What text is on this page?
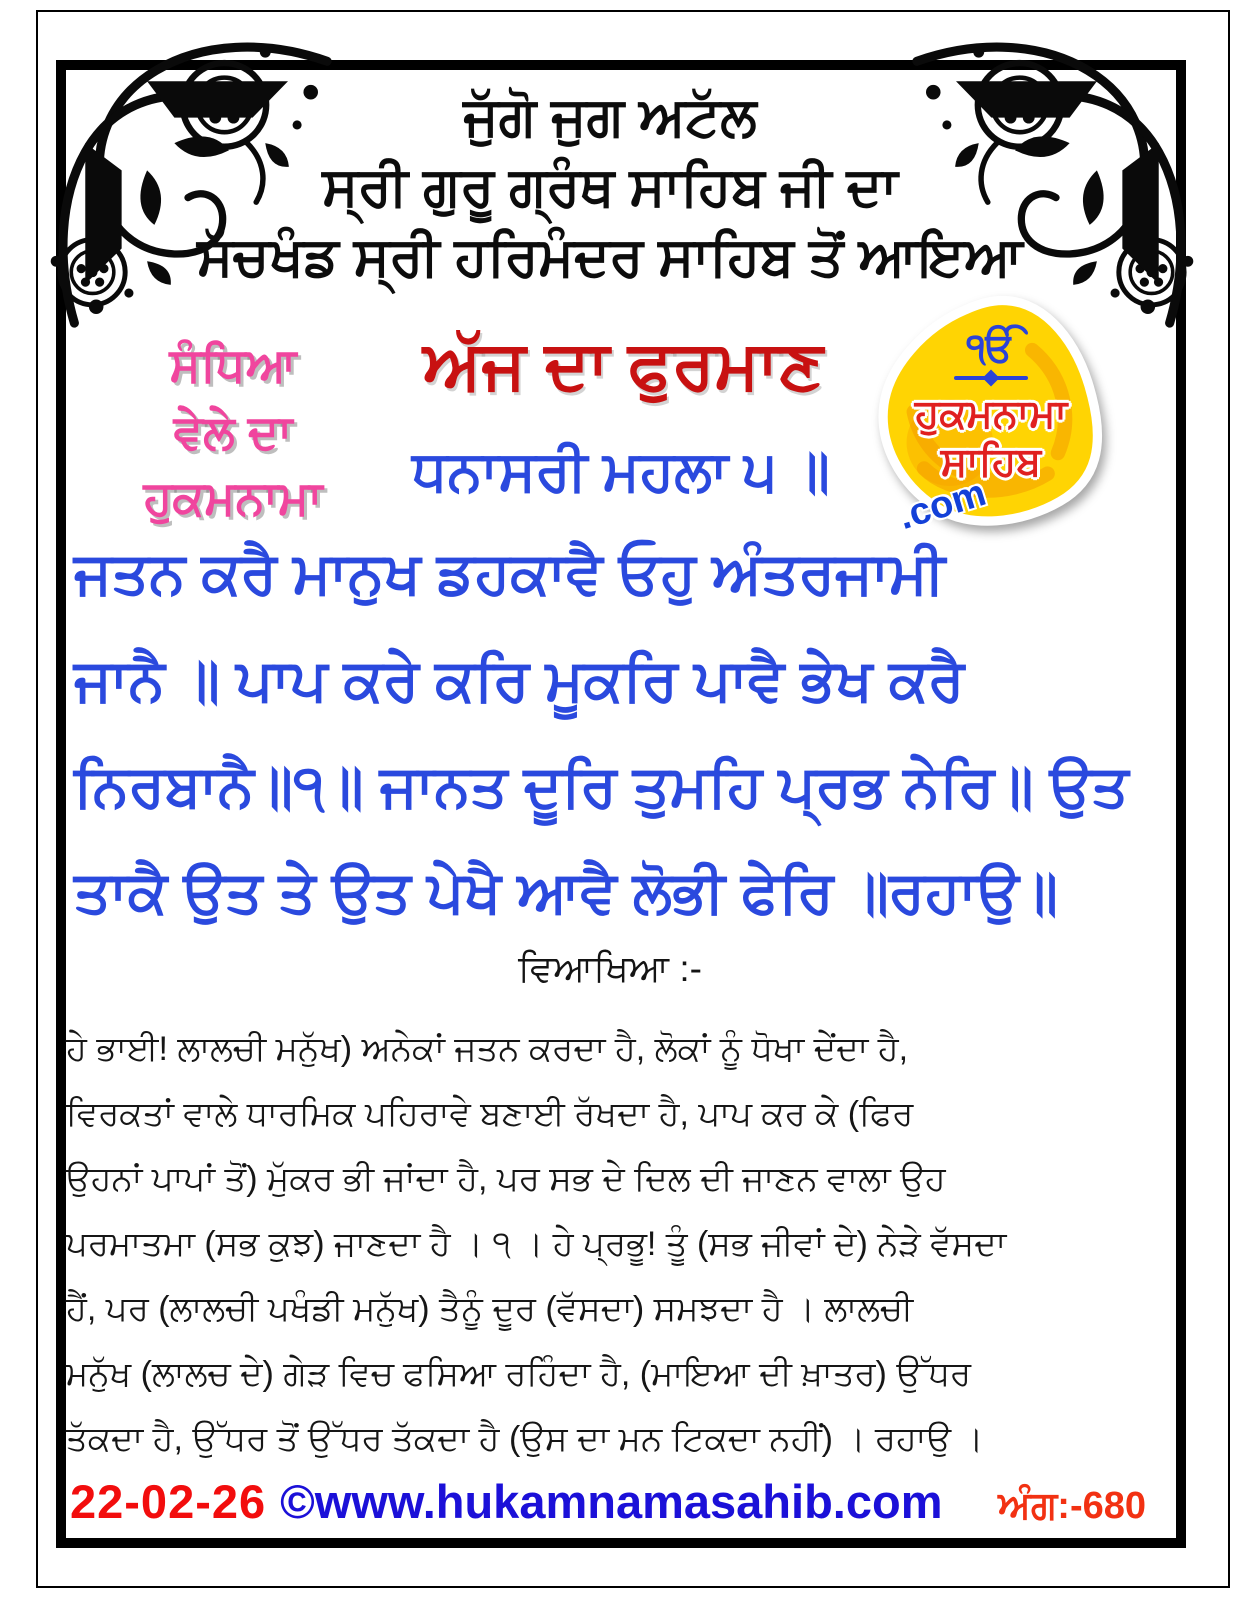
ਜੁੱਗੋ ਜੁਗ ਅਟੱਲ
ਸ੍ਰੀ ਗੁਰੂ ਗ੍ਰੰਥ ਸਾਹਿਬ ਜੀ ਦਾ
ਸੱਚਖੰਡ ਸ੍ਰੀ ਹਰਿਮੰਦਰ ਸਾਹਿਬ ਤੋਂ ਆਇਆ
ਸੰਧਿਆ
ਵੇਲੇ ਦਾ
ਹੁਕਮਨਾਮਾ
ਅੱਜ ਦਾ ਫੁਰਮਾਣ
ਧਨਾਸਰੀ ਮਹਲਾ ੫ ॥
ੴ
ਹੁਕਮਨਾਮਾ
ਸਾਹਿਬ
.com
ਜਤਨ ਕਰੈ ਮਾਨੁਖ ਡਹਕਾਵੈ ਓਹੁ ਅੰਤਰਜਾਮੀ
ਜਾਨੈ ॥ ਪਾਪ ਕਰੇ ਕਰਿ ਮੂਕਰਿ ਪਾਵੈ ਭੇਖ ਕਰੈ
ਨਿਰਬਾਨੈ॥੧॥ ਜਾਨਤ ਦੂਰਿ ਤੁਮਹਿ ਪ੍ਰਭ ਨੇਰਿ॥ ਉਤ
ਤਾਕੈ ਉਤ ਤੇ ਉਤ ਪੇਖੈ ਆਵੈ ਲੋਭੀ ਫੇਰਿ ॥ਰਹਾਉ॥
ਵਿਆਖਿਆ :-
ਹੇ ਭਾਈ! ਲਾਲਚੀ ਮਨੁੱਖ) ਅਨੇਕਾਂ ਜਤਨ ਕਰਦਾ ਹੈ, ਲੋਕਾਂ ਨੂੰ ਧੋਖਾ ਦੇਂਦਾ ਹੈ,
ਵਿਰਕਤਾਂ ਵਾਲੇ ਧਾਰਮਿਕ ਪਹਿਰਾਵੇ ਬਣਾਈ ਰੱਖਦਾ ਹੈ, ਪਾਪ ਕਰ ਕੇ (ਫਿਰ
ਉਹਨਾਂ ਪਾਪਾਂ ਤੋਂ) ਮੁੱਕਰ ਭੀ ਜਾਂਦਾ ਹੈ, ਪਰ ਸਭ ਦੇ ਦਿਲ ਦੀ ਜਾਣਨ ਵਾਲਾ ਉਹ
ਪਰਮਾਤਮਾ (ਸਭ ਕੁਝ) ਜਾਣਦਾ ਹੈ । ੧ । ਹੇ ਪ੍ਰਭੂ! ਤੂੰ (ਸਭ ਜੀਵਾਂ ਦੇ) ਨੇੜੇ ਵੱਸਦਾ
ਹੈਂ, ਪਰ (ਲਾਲਚੀ ਪਖੰਡੀ ਮਨੁੱਖ) ਤੈਨੂੰ ਦੂਰ (ਵੱਸਦਾ) ਸਮਝਦਾ ਹੈ । ਲਾਲਚੀ
ਮਨੁੱਖ (ਲਾਲਚ ਦੇ) ਗੇੜ ਵਿਚ ਫਸਿਆ ਰਹਿੰਦਾ ਹੈ, (ਮਾਇਆ ਦੀ ਖ਼ਾਤਰ) ਉੱਧਰ
ਤੱਕਦਾ ਹੈ, ਉੱਧਰ ਤੋਂ ਉੱਧਰ ਤੱਕਦਾ ਹੈ (ਉਸ ਦਾ ਮਨ ਟਿਕਦਾ ਨਹੀਂ) । ਰਹਾਉ ।
22-02-26 ©www.hukamnamasahib.com ਅੰਗ:-680
